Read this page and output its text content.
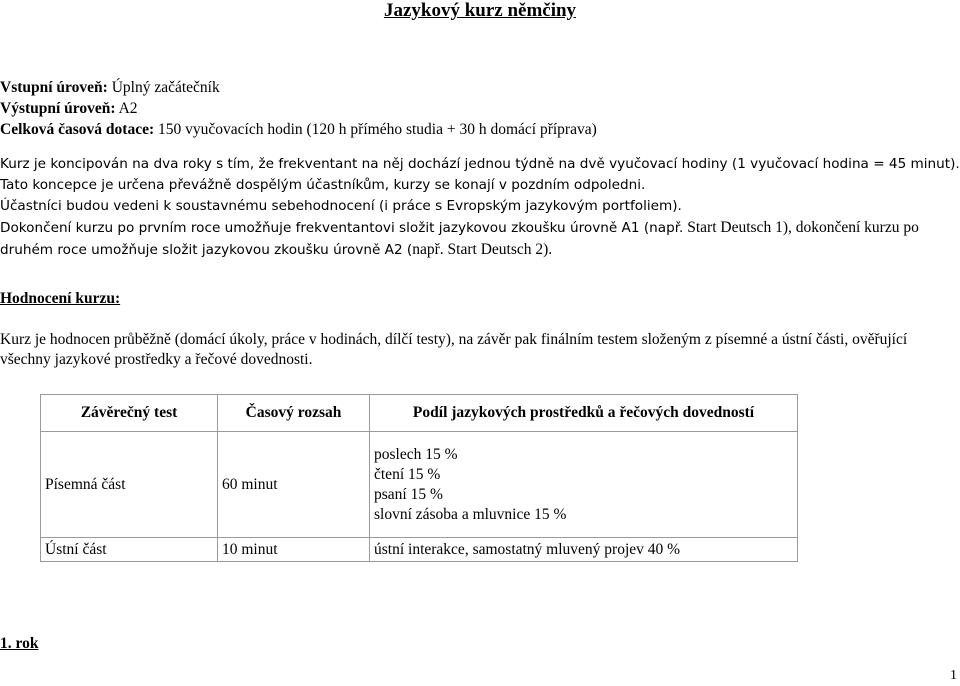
Jazykový kurz němčiny
Vstupní úroveň: Úplný začátečník
Výstupní úroveň: A2
Celková časová dotace: 150 vyučovacích hodin (120 h přímého studia + 30 h domácí příprava)
Kurz je koncipován na dva roky s tím, že frekventant na něj dochází jednou týdně na dvě vyučovací hodiny (1 vyučovací hodina = 45 minut).
Tato koncepce je určena převážně dospělým účastníkům, kurzy se konají v pozdním odpoledni.
Účastníci budou vedeni k soustavnému sebehodnocení (i práce s Evropským jazykovým portfoliem).
Dokončení kurzu po prvním roce umožňuje frekventantovi složit jazykovou zkoušku úrovně A1 (např. Start Deutsch 1), dokončení kurzu po
druhém roce umožňuje složit jazykovou zkoušku úrovně A2 (např. Start Deutsch 2).
Hodnocení kurzu:
Kurz je hodnocen průběžně (domácí úkoly, práce v hodinách, dílčí testy), na závěr pak finálním testem složeným z písemné a ústní části, ověřující všechny jazykové prostředky a řečové dovednosti.
Závěrečný test	Časový rozsah	Podíl jazykových prostředků a řečových dovedností
Písemná část	60 minut	poslech 15 %
čtení 15 %
psaní 15 %
slovní zásoba a mluvnice 15 %

Ústní část	10 minut	ústní interakce, samostatný mluvený projev 40 %
1. rok
1
